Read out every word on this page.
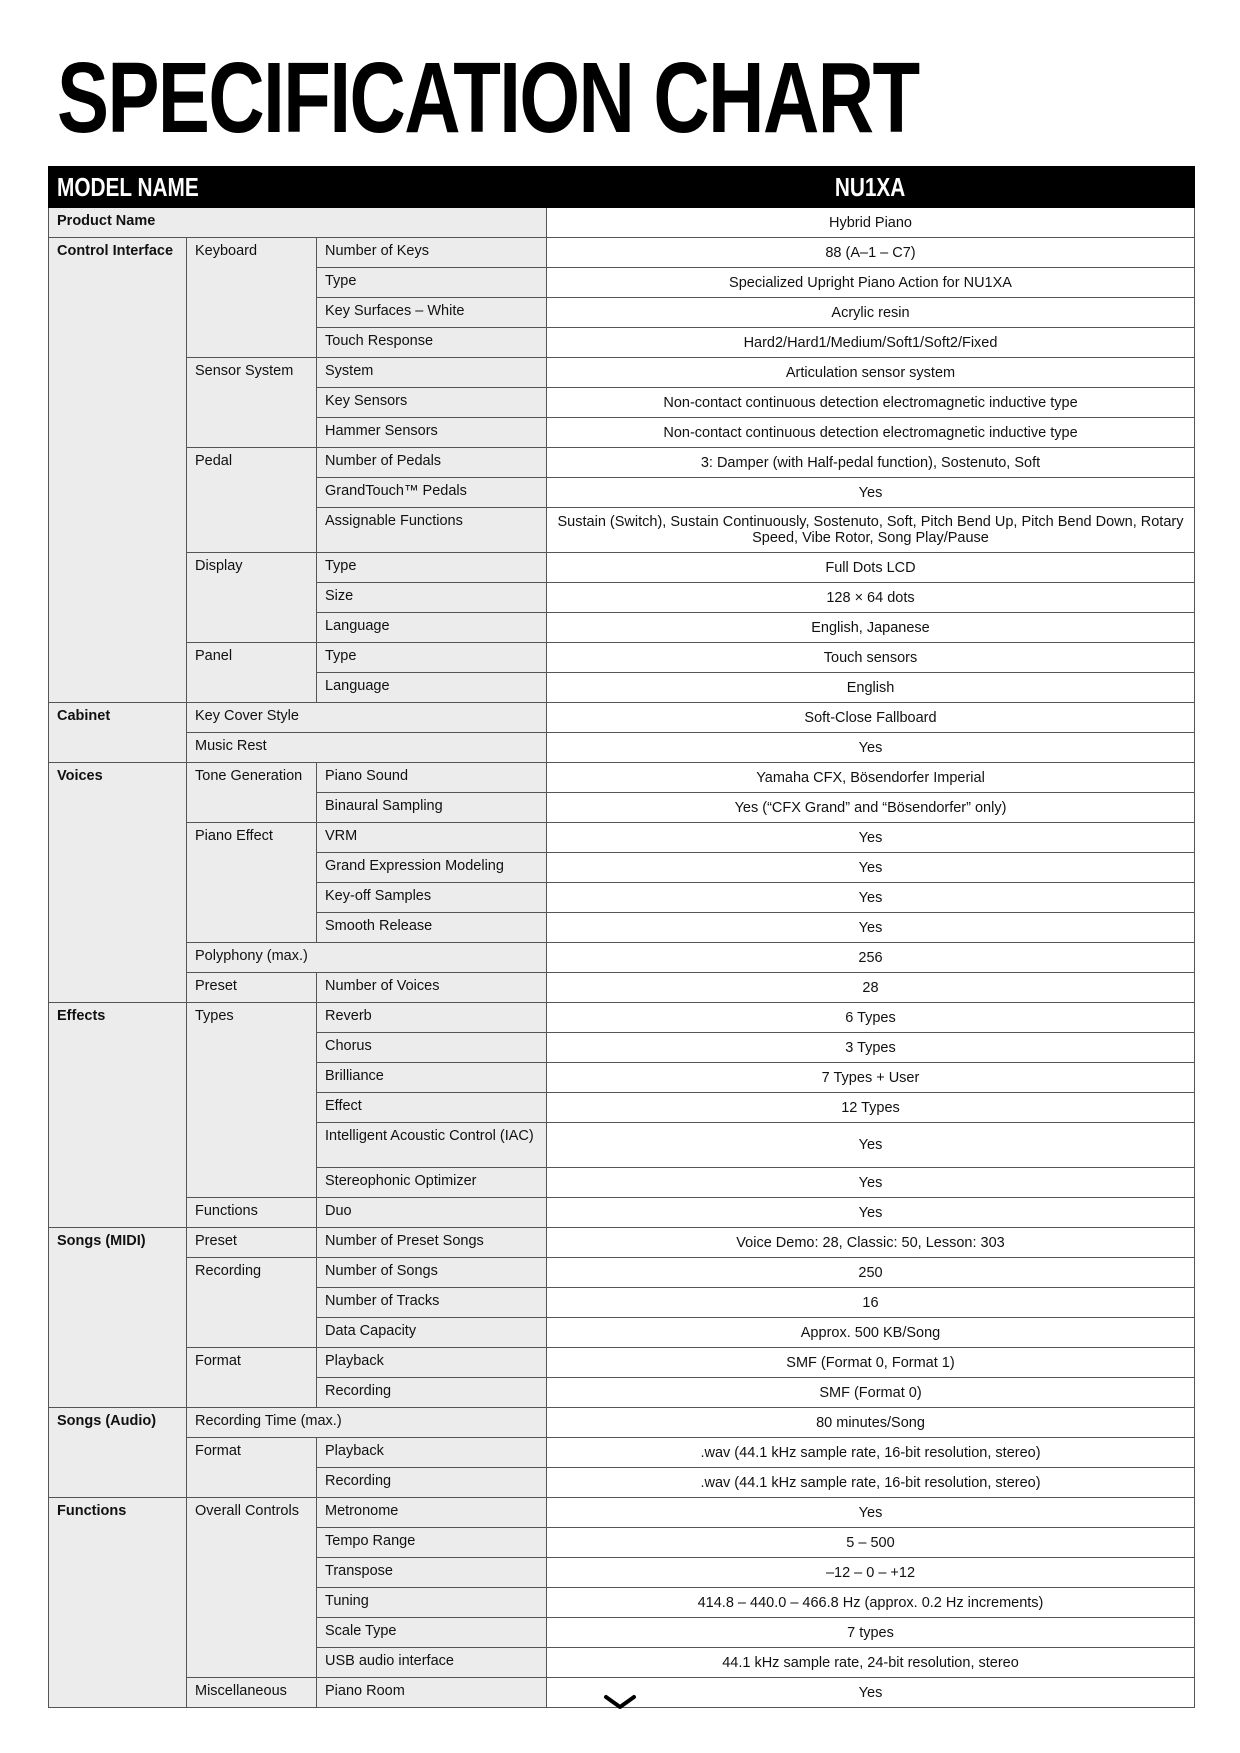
SPECIFICATION CHART
MODEL NAME			NU1XA
Product Name			Hybrid Piano
Control Interface	Keyboard	Number of Keys	88 (A–1 – C7)
		Type	Specialized Upright Piano Action for NU1XA
		Key Surfaces – White	Acrylic resin
		Touch Response	Hard2/Hard1/Medium/Soft1/Soft2/Fixed
	Sensor System	System	Articulation sensor system
		Key Sensors	Non-contact continuous detection electromagnetic inductive type
		Hammer Sensors	Non-contact continuous detection electromagnetic inductive type
	Pedal	Number of Pedals	3: Damper (with Half-pedal function), Sostenuto, Soft
		GrandTouch™ Pedals	Yes
		Assignable Functions	Sustain (Switch), Sustain Continuously, Sostenuto, Soft, Pitch Bend Up, Pitch Bend Down, Rotary Speed, Vibe Rotor, Song Play/Pause
	Display	Type	Full Dots LCD
		Size	128 × 64 dots
		Language	English, Japanese
	Panel	Type	Touch sensors
		Language	English
Cabinet	Key Cover Style		Soft-Close Fallboard
	Music Rest		Yes
Voices	Tone Generation	Piano Sound	Yamaha CFX, Bösendorfer Imperial
		Binaural Sampling	Yes (“CFX Grand” and “Bösendorfer” only)
	Piano Effect	VRM	Yes
		Grand Expression Modeling	Yes
		Key-off Samples	Yes
		Smooth Release	Yes
	Polyphony (max.)		256
	Preset	Number of Voices	28
Effects	Types	Reverb	6 Types
		Chorus	3 Types
		Brilliance	7 Types + User
		Effect	12 Types
		Intelligent Acoustic Control (IAC)	Yes
		Stereophonic Optimizer	Yes
	Functions	Duo	Yes
Songs (MIDI)	Preset	Number of Preset Songs	Voice Demo: 28, Classic: 50, Lesson: 303
	Recording	Number of Songs	250
		Number of Tracks	16
		Data Capacity	Approx. 500 KB/Song
	Format	Playback	SMF (Format 0, Format 1)
		Recording	SMF (Format 0)
Songs (Audio)	Recording Time (max.)		80 minutes/Song
	Format	Playback	.wav (44.1 kHz sample rate, 16-bit resolution, stereo)
		Recording	.wav (44.1 kHz sample rate, 16-bit resolution, stereo)
Functions	Overall Controls	Metronome	Yes
		Tempo Range	5 – 500
		Transpose	–12 – 0 – +12
		Tuning	414.8 – 440.0 – 466.8 Hz (approx. 0.2 Hz increments)
		Scale Type	7 types
		USB audio interface	44.1 kHz sample rate, 24-bit resolution, stereo
	Miscellaneous	Piano Room	Yes
